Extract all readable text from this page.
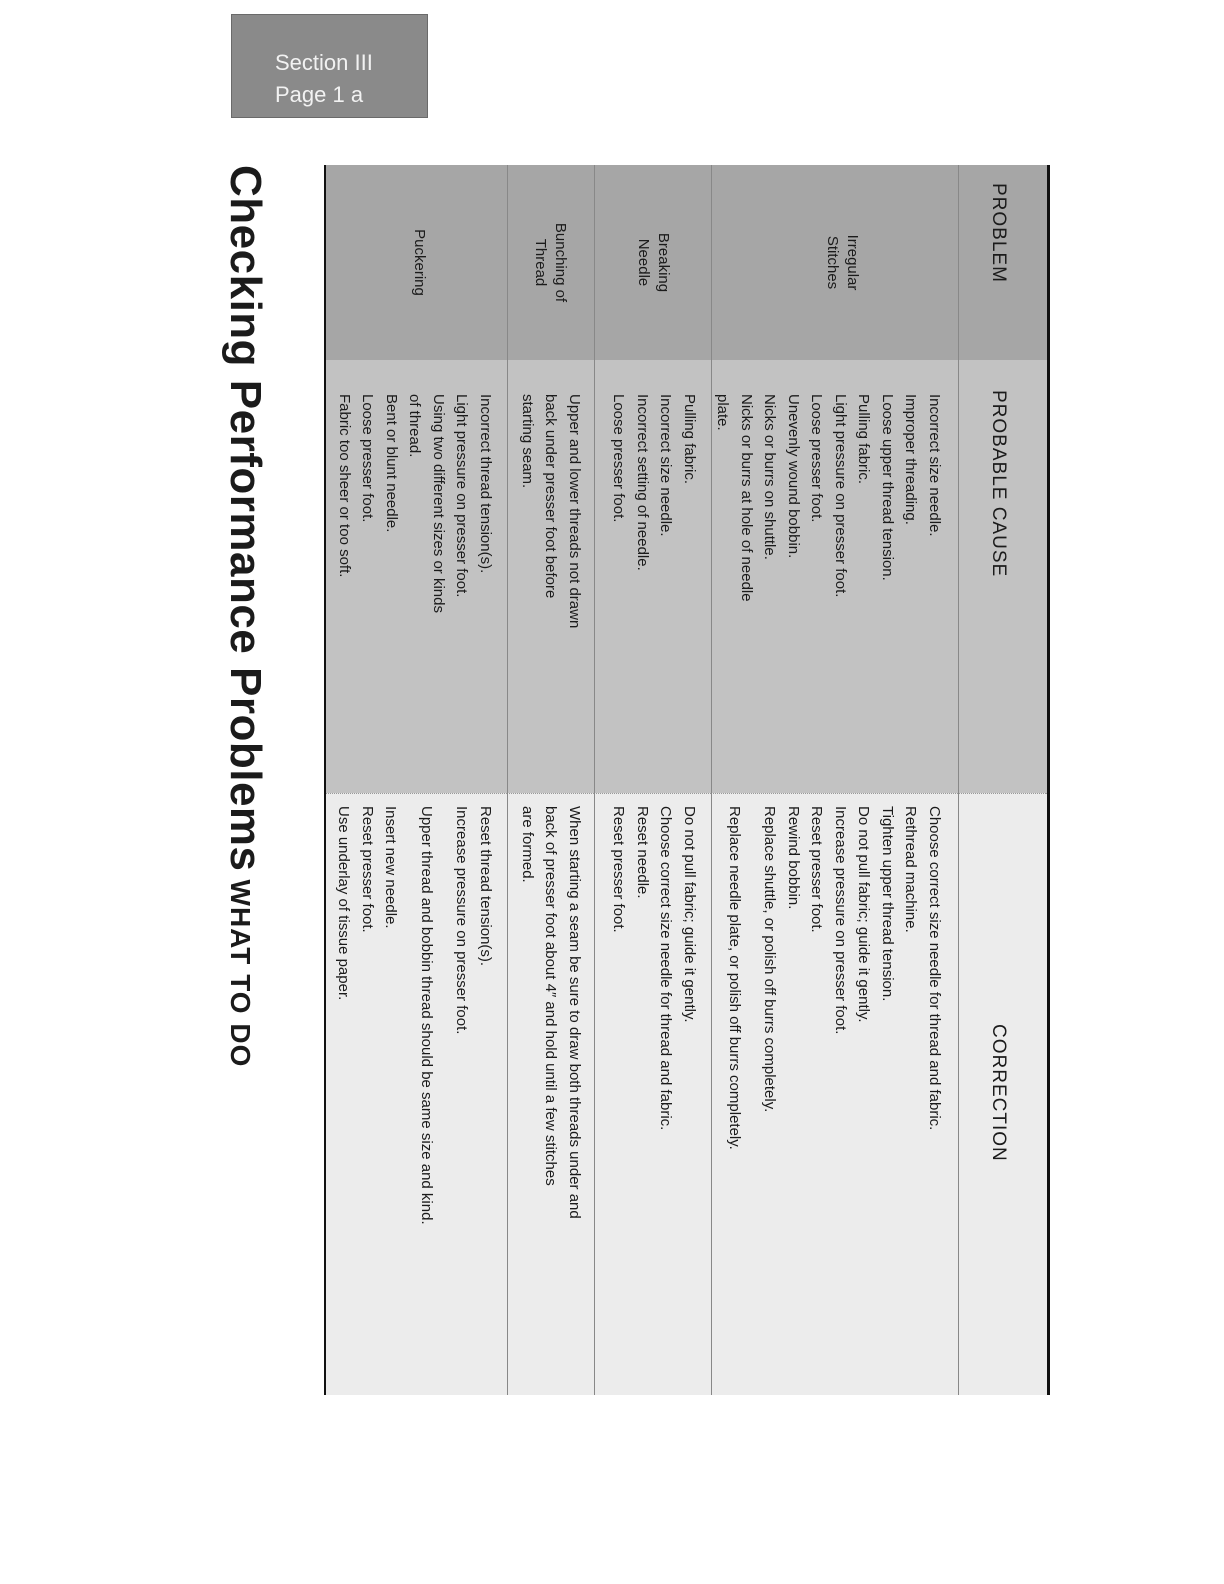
Section III
Page 1 a
Checking Performance ProblemsWHAT TO DO
PROBLEM
PROBABLE CAUSE
CORRECTION
Irregular
Stitches
Incorrect size needle.
Improper threading.
Loose upper thread tension.
Pulling fabric.
Light pressure on presser foot.
Loose presser foot.
Unevenly wound bobbin.
Nicks or burrs on shuttle.
Nicks or burrs at hole of needle
plate.
Choose correct size needle for thread and fabric.
Rethread machine.
Tighten upper thread tension.
Do not pull fabric; guide it gently.
Increase pressure on presser foot.
Reset presser foot.
Rewind bobbin.
Replace shuttle, or polish off burrs completely.
Replace needle plate, or polish off burrs completely.
Breaking
Needle
Pulling fabric.
Incorrect size needle.
Incorrect setting of needle.
Loose presser foot.
Do not pull fabric; guide it gently.
Choose correct size needle for thread and fabric.
Reset needle.
Reset presser foot.
Bunching of
Thread
Upper and lower threads not drawn
back under presser foot before
starting seam.
When starting a seam be sure to draw both threads under and
back of presser foot about 4″ and hold until a few stitches
are formed.
Puckering
Incorrect thread tension(s).
Light pressure on presser foot.
Using two different sizes or kinds
of thread.
Bent or blunt needle.
Loose presser foot.
Fabric too sheer or too soft.
Reset thread tension(s).
Increase pressure on presser foot.
Upper thread and bobbin thread should be same size and kind.
Insert new needle.
Reset presser foot.
Use underlay of tissue paper.
